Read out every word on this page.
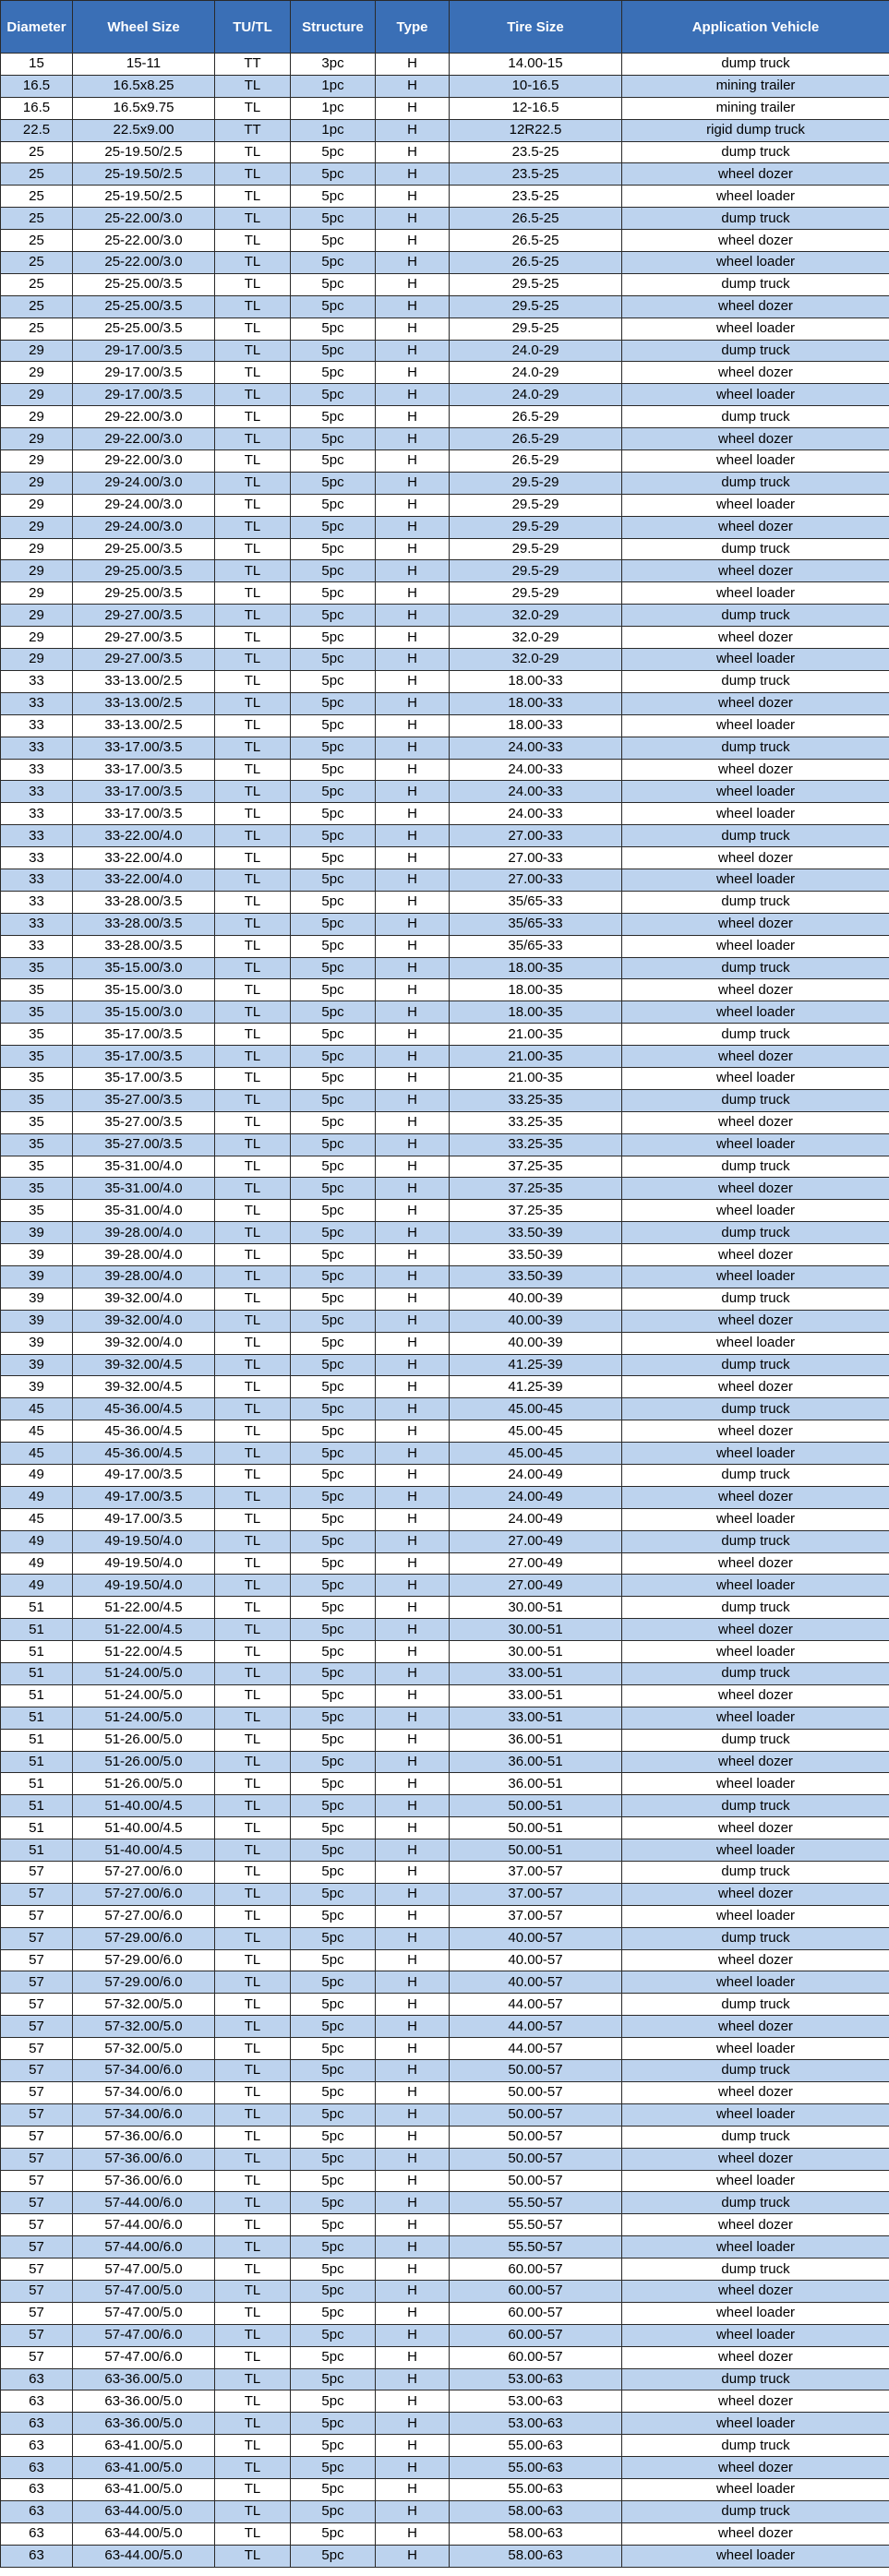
Diameter	Wheel Size	TU/TL	Structure	Type	Tire Size	Application Vehicle
15	15-11	TT	3pc	H	14.00-15	dump truck
16.5	16.5x8.25	TL	1pc	H	10-16.5	mining trailer
16.5	16.5x9.75	TL	1pc	H	12-16.5	mining trailer
22.5	22.5x9.00	TT	1pc	H	12R22.5	rigid dump truck
25	25-19.50/2.5	TL	5pc	H	23.5-25	dump truck
25	25-19.50/2.5	TL	5pc	H	23.5-25	wheel dozer
25	25-19.50/2.5	TL	5pc	H	23.5-25	wheel loader
25	25-22.00/3.0	TL	5pc	H	26.5-25	dump truck
25	25-22.00/3.0	TL	5pc	H	26.5-25	wheel dozer
25	25-22.00/3.0	TL	5pc	H	26.5-25	wheel loader
25	25-25.00/3.5	TL	5pc	H	29.5-25	dump truck
25	25-25.00/3.5	TL	5pc	H	29.5-25	wheel dozer
25	25-25.00/3.5	TL	5pc	H	29.5-25	wheel loader
29	29-17.00/3.5	TL	5pc	H	24.0-29	dump truck
29	29-17.00/3.5	TL	5pc	H	24.0-29	wheel dozer
29	29-17.00/3.5	TL	5pc	H	24.0-29	wheel loader
29	29-22.00/3.0	TL	5pc	H	26.5-29	dump truck
29	29-22.00/3.0	TL	5pc	H	26.5-29	wheel dozer
29	29-22.00/3.0	TL	5pc	H	26.5-29	wheel loader
29	29-24.00/3.0	TL	5pc	H	29.5-29	dump truck
29	29-24.00/3.0	TL	5pc	H	29.5-29	wheel loader
29	29-24.00/3.0	TL	5pc	H	29.5-29	wheel dozer
29	29-25.00/3.5	TL	5pc	H	29.5-29	dump truck
29	29-25.00/3.5	TL	5pc	H	29.5-29	wheel dozer
29	29-25.00/3.5	TL	5pc	H	29.5-29	wheel loader
29	29-27.00/3.5	TL	5pc	H	32.0-29	dump truck
29	29-27.00/3.5	TL	5pc	H	32.0-29	wheel dozer
29	29-27.00/3.5	TL	5pc	H	32.0-29	wheel loader
33	33-13.00/2.5	TL	5pc	H	18.00-33	dump truck
33	33-13.00/2.5	TL	5pc	H	18.00-33	wheel dozer
33	33-13.00/2.5	TL	5pc	H	18.00-33	wheel loader
33	33-17.00/3.5	TL	5pc	H	24.00-33	dump truck
33	33-17.00/3.5	TL	5pc	H	24.00-33	wheel dozer
33	33-17.00/3.5	TL	5pc	H	24.00-33	wheel loader
33	33-17.00/3.5	TL	5pc	H	24.00-33	wheel loader
33	33-22.00/4.0	TL	5pc	H	27.00-33	dump truck
33	33-22.00/4.0	TL	5pc	H	27.00-33	wheel dozer
33	33-22.00/4.0	TL	5pc	H	27.00-33	wheel loader
33	33-28.00/3.5	TL	5pc	H	35/65-33	dump truck
33	33-28.00/3.5	TL	5pc	H	35/65-33	wheel dozer
33	33-28.00/3.5	TL	5pc	H	35/65-33	wheel loader
35	35-15.00/3.0	TL	5pc	H	18.00-35	dump truck
35	35-15.00/3.0	TL	5pc	H	18.00-35	wheel dozer
35	35-15.00/3.0	TL	5pc	H	18.00-35	wheel loader
35	35-17.00/3.5	TL	5pc	H	21.00-35	dump truck
35	35-17.00/3.5	TL	5pc	H	21.00-35	wheel dozer
35	35-17.00/3.5	TL	5pc	H	21.00-35	wheel loader
35	35-27.00/3.5	TL	5pc	H	33.25-35	dump truck
35	35-27.00/3.5	TL	5pc	H	33.25-35	wheel dozer
35	35-27.00/3.5	TL	5pc	H	33.25-35	wheel loader
35	35-31.00/4.0	TL	5pc	H	37.25-35	dump truck
35	35-31.00/4.0	TL	5pc	H	37.25-35	wheel dozer
35	35-31.00/4.0	TL	5pc	H	37.25-35	wheel loader
39	39-28.00/4.0	TL	5pc	H	33.50-39	dump truck
39	39-28.00/4.0	TL	5pc	H	33.50-39	wheel dozer
39	39-28.00/4.0	TL	5pc	H	33.50-39	wheel loader
39	39-32.00/4.0	TL	5pc	H	40.00-39	dump truck
39	39-32.00/4.0	TL	5pc	H	40.00-39	wheel dozer
39	39-32.00/4.0	TL	5pc	H	40.00-39	wheel loader
39	39-32.00/4.5	TL	5pc	H	41.25-39	dump truck
39	39-32.00/4.5	TL	5pc	H	41.25-39	wheel dozer
45	45-36.00/4.5	TL	5pc	H	45.00-45	dump truck
45	45-36.00/4.5	TL	5pc	H	45.00-45	wheel dozer
45	45-36.00/4.5	TL	5pc	H	45.00-45	wheel loader
49	49-17.00/3.5	TL	5pc	H	24.00-49	dump truck
49	49-17.00/3.5	TL	5pc	H	24.00-49	wheel dozer
45	49-17.00/3.5	TL	5pc	H	24.00-49	wheel loader
49	49-19.50/4.0	TL	5pc	H	27.00-49	dump truck
49	49-19.50/4.0	TL	5pc	H	27.00-49	wheel dozer
49	49-19.50/4.0	TL	5pc	H	27.00-49	wheel loader
51	51-22.00/4.5	TL	5pc	H	30.00-51	dump truck
51	51-22.00/4.5	TL	5pc	H	30.00-51	wheel dozer
51	51-22.00/4.5	TL	5pc	H	30.00-51	wheel loader
51	51-24.00/5.0	TL	5pc	H	33.00-51	dump truck
51	51-24.00/5.0	TL	5pc	H	33.00-51	wheel dozer
51	51-24.00/5.0	TL	5pc	H	33.00-51	wheel loader
51	51-26.00/5.0	TL	5pc	H	36.00-51	dump truck
51	51-26.00/5.0	TL	5pc	H	36.00-51	wheel dozer
51	51-26.00/5.0	TL	5pc	H	36.00-51	wheel loader
51	51-40.00/4.5	TL	5pc	H	50.00-51	dump truck
51	51-40.00/4.5	TL	5pc	H	50.00-51	wheel dozer
51	51-40.00/4.5	TL	5pc	H	50.00-51	wheel loader
57	57-27.00/6.0	TL	5pc	H	37.00-57	dump truck
57	57-27.00/6.0	TL	5pc	H	37.00-57	wheel dozer
57	57-27.00/6.0	TL	5pc	H	37.00-57	wheel loader
57	57-29.00/6.0	TL	5pc	H	40.00-57	dump truck
57	57-29.00/6.0	TL	5pc	H	40.00-57	wheel dozer
57	57-29.00/6.0	TL	5pc	H	40.00-57	wheel loader
57	57-32.00/5.0	TL	5pc	H	44.00-57	dump truck
57	57-32.00/5.0	TL	5pc	H	44.00-57	wheel dozer
57	57-32.00/5.0	TL	5pc	H	44.00-57	wheel loader
57	57-34.00/6.0	TL	5pc	H	50.00-57	dump truck
57	57-34.00/6.0	TL	5pc	H	50.00-57	wheel dozer
57	57-34.00/6.0	TL	5pc	H	50.00-57	wheel loader
57	57-36.00/6.0	TL	5pc	H	50.00-57	dump truck
57	57-36.00/6.0	TL	5pc	H	50.00-57	wheel dozer
57	57-36.00/6.0	TL	5pc	H	50.00-57	wheel loader
57	57-44.00/6.0	TL	5pc	H	55.50-57	dump truck
57	57-44.00/6.0	TL	5pc	H	55.50-57	wheel dozer
57	57-44.00/6.0	TL	5pc	H	55.50-57	wheel loader
57	57-47.00/5.0	TL	5pc	H	60.00-57	dump truck
57	57-47.00/5.0	TL	5pc	H	60.00-57	wheel dozer
57	57-47.00/5.0	TL	5pc	H	60.00-57	wheel loader
57	57-47.00/6.0	TL	5pc	H	60.00-57	wheel loader
57	57-47.00/6.0	TL	5pc	H	60.00-57	wheel dozer
63	63-36.00/5.0	TL	5pc	H	53.00-63	dump truck
63	63-36.00/5.0	TL	5pc	H	53.00-63	wheel dozer
63	63-36.00/5.0	TL	5pc	H	53.00-63	wheel loader
63	63-41.00/5.0	TL	5pc	H	55.00-63	dump truck
63	63-41.00/5.0	TL	5pc	H	55.00-63	wheel dozer
63	63-41.00/5.0	TL	5pc	H	55.00-63	wheel loader
63	63-44.00/5.0	TL	5pc	H	58.00-63	dump truck
63	63-44.00/5.0	TL	5pc	H	58.00-63	wheel dozer
63	63-44.00/5.0	TL	5pc	H	58.00-63	wheel loader
